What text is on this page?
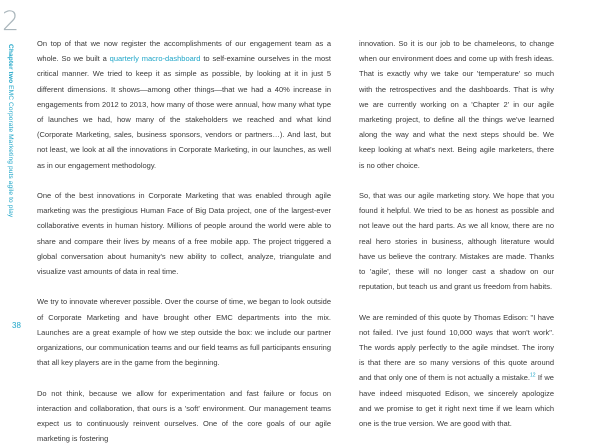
2
Chapter two EMC Corporate Marketing puts agile to play
38

On top of that we now register the accomplishments of our engagement team as a whole. So we built a quarterly macro-dashboard to self-examine ourselves in the most critical manner. We tried to keep it as simple as possible, by looking at it in just 5 different dimensions. It shows—among other things—that we had a 40% increase in engagements from 2012 to 2013, how many of those were annual, how many what type of launches we had, how many of the stakeholders we reached and what kind (Corporate Marketing, sales, business sponsors, vendors or partners…). And last, but not least, we look at all the innovations in Corporate Marketing, in our launches, as well as in our engagement methodology.

One of the best innovations in Corporate Marketing that was enabled through agile marketing was the prestigious Human Face of Big Data project, one of the largest-ever collaborative events in human history. Millions of people around the world were able to share and compare their lives by means of a free mobile app. The project triggered a global conversation about humanity's new ability to collect, analyze, triangulate and visualize vast amounts of data in real time.

We try to innovate wherever possible. Over the course of time, we began to look outside of Corporate Marketing and have brought other EMC departments into the mix. Launches are a great example of how we step outside the box: we include our partner organizations, our communication teams and our field teams as full participants ensuring that all key players are in the game from the beginning.

Do not think, because we allow for experimentation and fast failure or focus on interaction and collaboration, that ours is a 'soft' environment. Our management teams expect us to continuously reinvent ourselves. One of the core goals of our agile marketing is fostering

innovation. So it is our job to be chameleons, to change when our environment does and come up with fresh ideas. That is exactly why we take our 'temperature' so much with the retrospectives and the dashboards. That is why we are currently working on a 'Chapter 2' in our agile marketing project, to define all the things we've learned along the way and what the next steps should be. We keep looking at what's next. Being agile marketers, there is no other choice.

So, that was our agile marketing story. We hope that you found it helpful. We tried to be as honest as possible and not leave out the hard parts. As we all know, there are no real hero stories in business, although literature would have us believe the contrary. Mistakes are made. Thanks to 'agile', these will no longer cast a shadow on our reputation, but teach us and grant us freedom from habits.

We are reminded of this quote by Thomas Edison: "I have not failed. I've just found 10,000 ways that won't work". The words apply perfectly to the agile mindset. The irony is that there are so many versions of this quote around and that only one of them is not actually a mistake.$^{12}$ If we have indeed misquoted Edison, we sincerely apologize and we promise to get it right next time if we learn which one is the true version. We are good with that.
